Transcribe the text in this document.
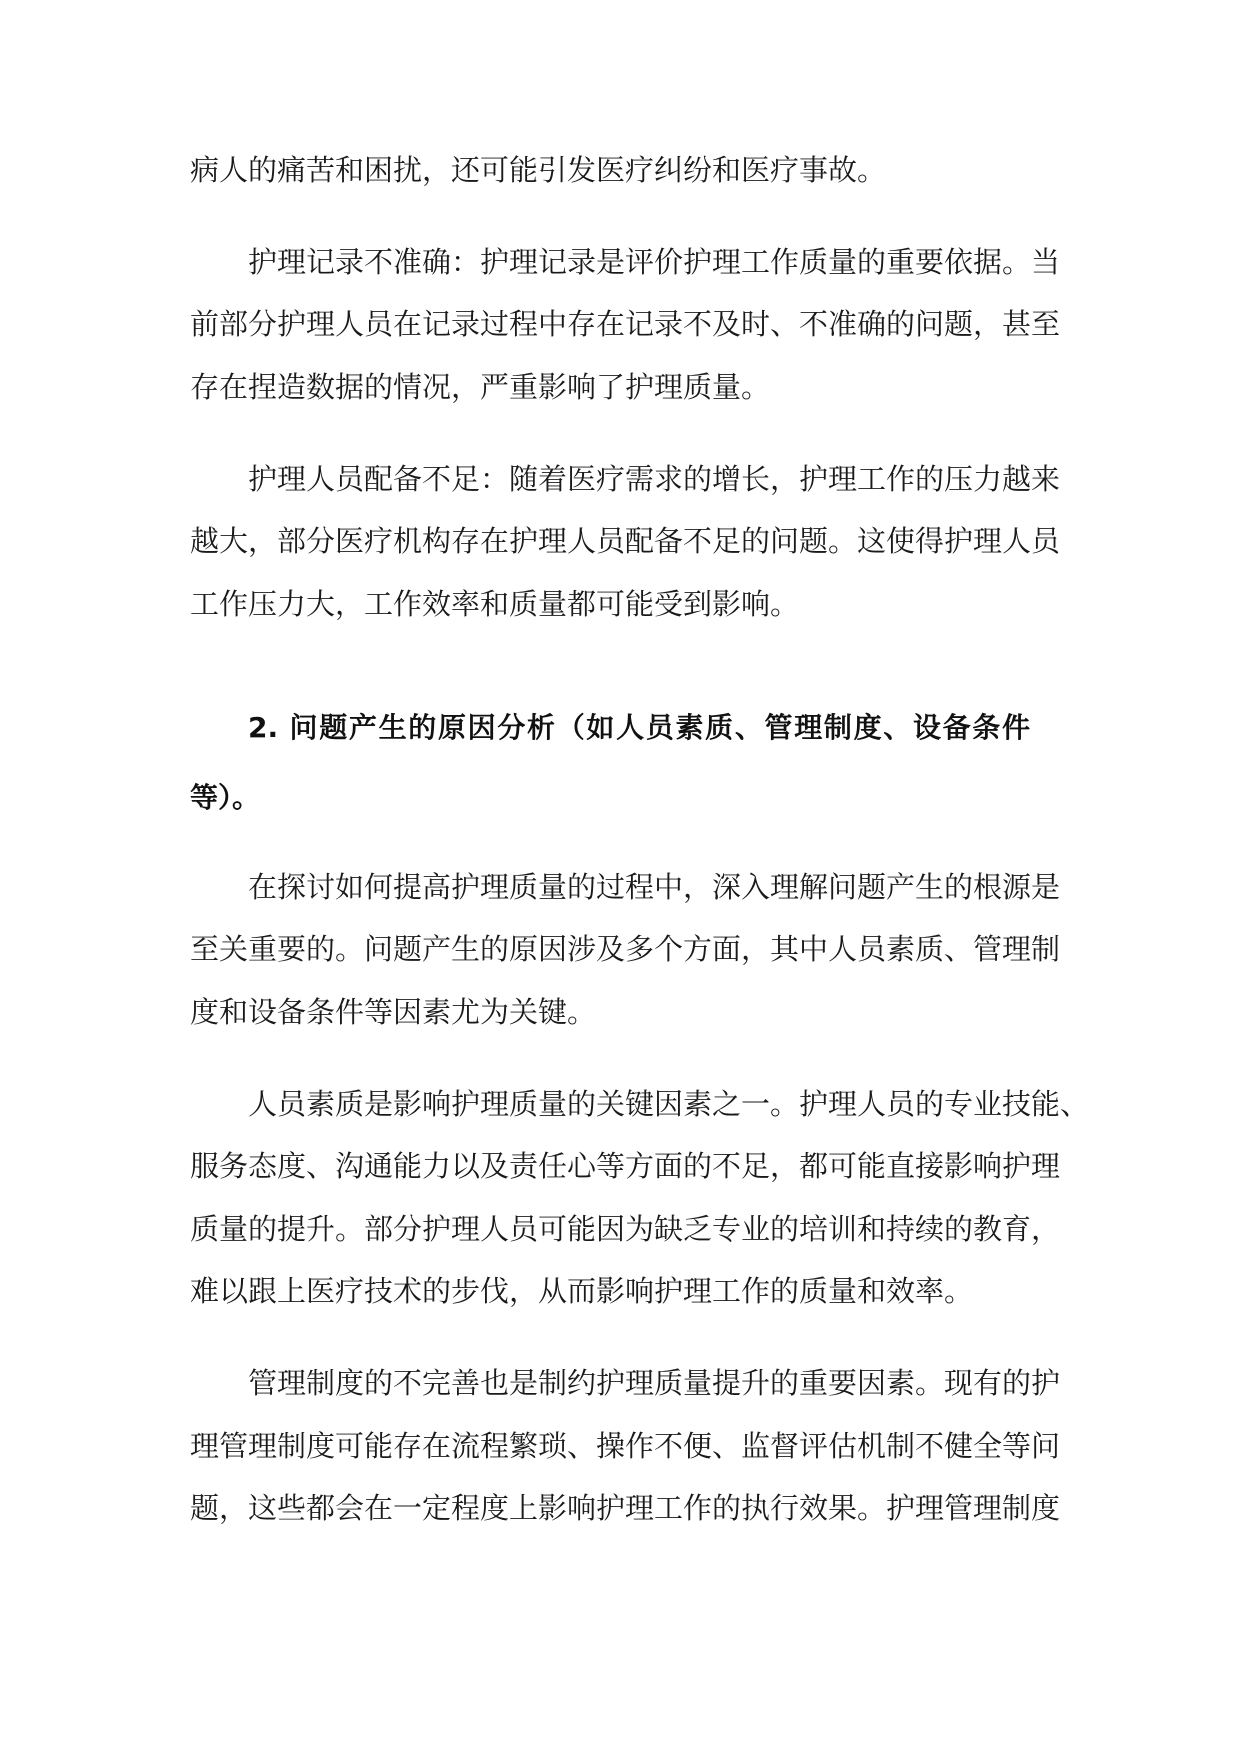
病人的痛苦和困扰，还可能引发医疗纠纷和医疗事故。
护理记录不准确：护理记录是评价护理工作质量的重要依据。当
前部分护理人员在记录过程中存在记录不及时、不准确的问题，甚至
存在捏造数据的情况，严重影响了护理质量。
护理人员配备不足：随着医疗需求的增长，护理工作的压力越来
越大，部分医疗机构存在护理人员配备不足的问题。这使得护理人员
工作压力大，工作效率和质量都可能受到影响。
2. 问题产生的原因分析（如人员素质、管理制度、设备条件
等）。
在探讨如何提高护理质量的过程中，深入理解问题产生的根源是
至关重要的。问题产生的原因涉及多个方面，其中人员素质、管理制
度和设备条件等因素尤为关键。
人员素质是影响护理质量的关键因素之一。护理人员的专业技能、
服务态度、沟通能力以及责任心等方面的不足，都可能直接影响护理
质量的提升。部分护理人员可能因为缺乏专业的培训和持续的教育，
难以跟上医疗技术的步伐，从而影响护理工作的质量和效率。
管理制度的不完善也是制约护理质量提升的重要因素。现有的护
理管理制度可能存在流程繁琐、操作不便、监督评估机制不健全等问
题，这些都会在一定程度上影响护理工作的执行效果。护理管理制度
